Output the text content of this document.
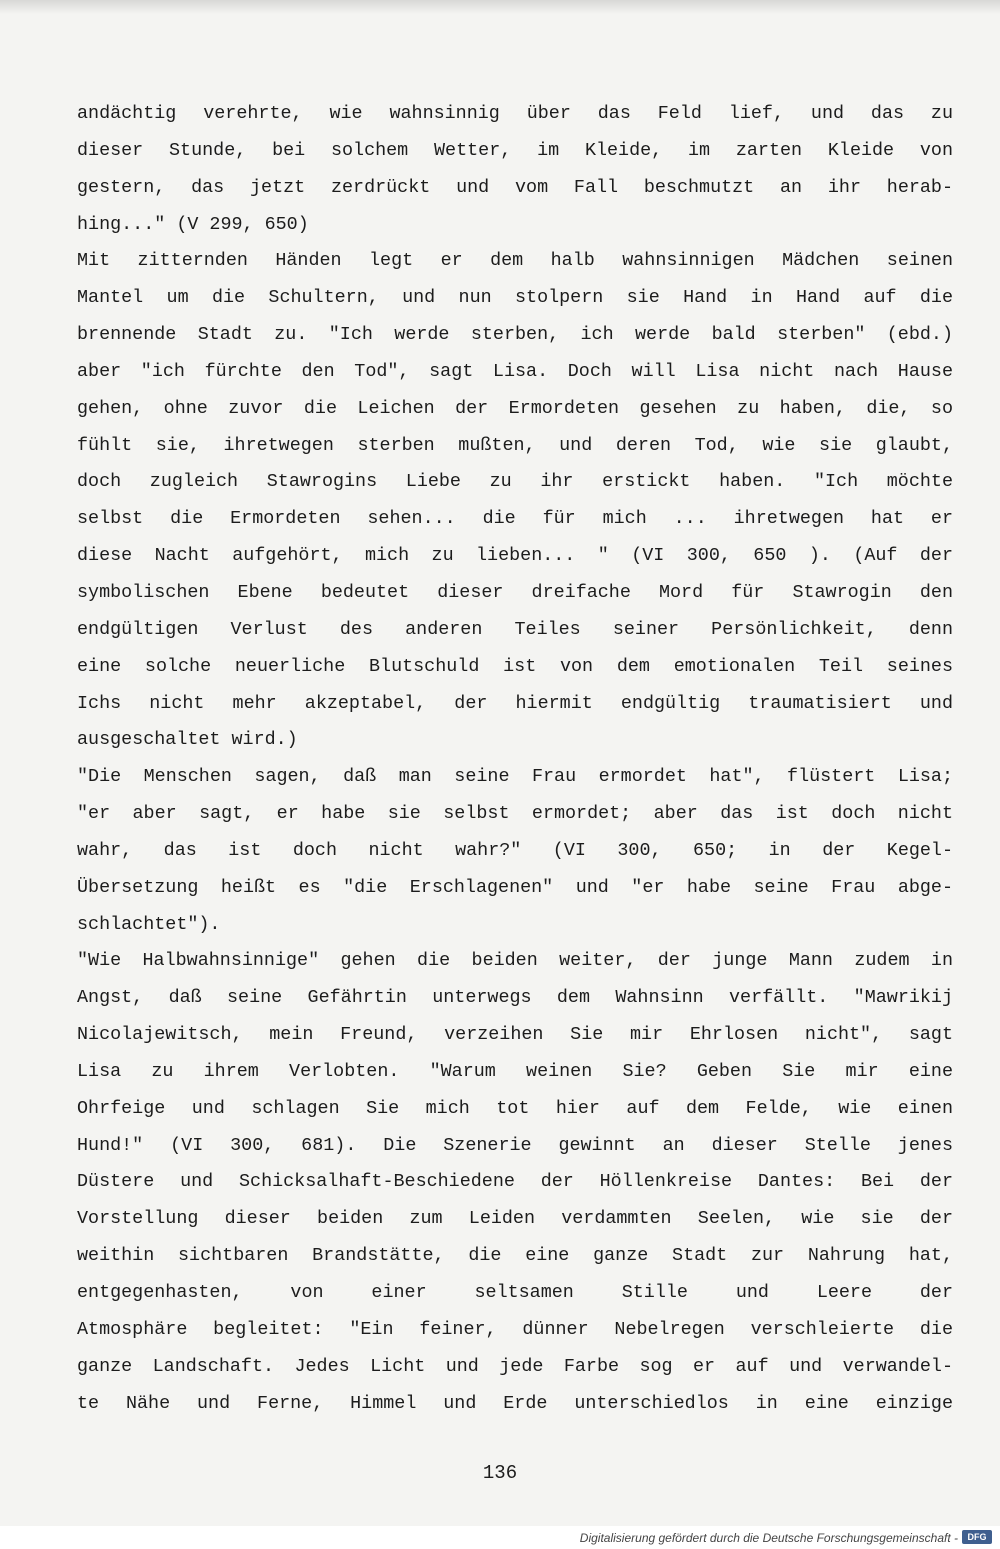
andächtig verehrte, wie wahnsinnig über das Feld lief, und das zu
dieser Stunde, bei solchem Wetter, im Kleide, im zarten Kleide von
gestern, das jetzt zerdrückt und vom Fall beschmutzt an ihr herab-
hing..." (V 299, 650)
Mit zitternden Händen legt er dem halb wahnsinnigen Mädchen seinen
Mantel um die Schultern, und nun stolpern sie Hand in Hand auf die
brennende Stadt zu. "Ich werde sterben, ich werde bald sterben" (ebd.)
aber "ich fürchte den Tod", sagt Lisa. Doch will Lisa nicht nach Hause
gehen, ohne zuvor die Leichen der Ermordeten gesehen zu haben, die, so
fühlt sie, ihretwegen sterben mußten, und deren Tod, wie sie glaubt,
doch zugleich Stawrogins Liebe zu ihr erstickt haben. "Ich möchte
selbst die Ermordeten sehen... die für mich ... ihretwegen hat er
diese Nacht aufgehört, mich zu lieben... " (VI 300, 650 ). (Auf der
symbolischen Ebene bedeutet dieser dreifache Mord für Stawrogin den
endgültigen Verlust des anderen Teiles seiner Persönlichkeit, denn
eine solche neuerliche Blutschuld ist von dem emotionalen Teil seines
Ichs nicht mehr akzeptabel, der hiermit endgültig traumatisiert und
ausgeschaltet wird.)
"Die Menschen sagen, daß man seine Frau ermordet hat", flüstert Lisa;
"er aber sagt, er habe sie selbst ermordet; aber das ist doch nicht
wahr, das ist doch nicht wahr?" (VI 300, 650; in der Kegel-
Übersetzung heißt es "die Erschlagenen" und "er habe seine Frau abge-
schlachtet").
"Wie Halbwahnsinnige" gehen die beiden weiter, der junge Mann zudem in
Angst, daß seine Gefährtin unterwegs dem Wahnsinn verfällt. "Mawrikij
Nicolajewitsch, mein Freund, verzeihen Sie mir Ehrlosen nicht", sagt
Lisa zu ihrem Verlobten. "Warum weinen Sie? Geben Sie mir eine
Ohrfeige und schlagen Sie mich tot hier auf dem Felde, wie einen
Hund!" (VI 300, 681). Die Szenerie gewinnt an dieser Stelle jenes
Düstere und Schicksalhaft-Beschiedene der Höllenkreise Dantes: Bei der
Vorstellung dieser beiden zum Leiden verdammten Seelen, wie sie der
weithin sichtbaren Brandstätte, die eine ganze Stadt zur Nahrung hat,
entgegenhasten, von einer seltsamen Stille und Leere der
Atmosphäre begleitet: "Ein feiner, dünner Nebelregen verschleierte die
ganze Landschaft. Jedes Licht und jede Farbe sog er auf und verwandel-
te Nähe und Ferne, Himmel und Erde unterschiedlos in eine einzige
136
Digitalisierung gefördert durch die Deutsche Forschungsgemeinschaft -	DFG
